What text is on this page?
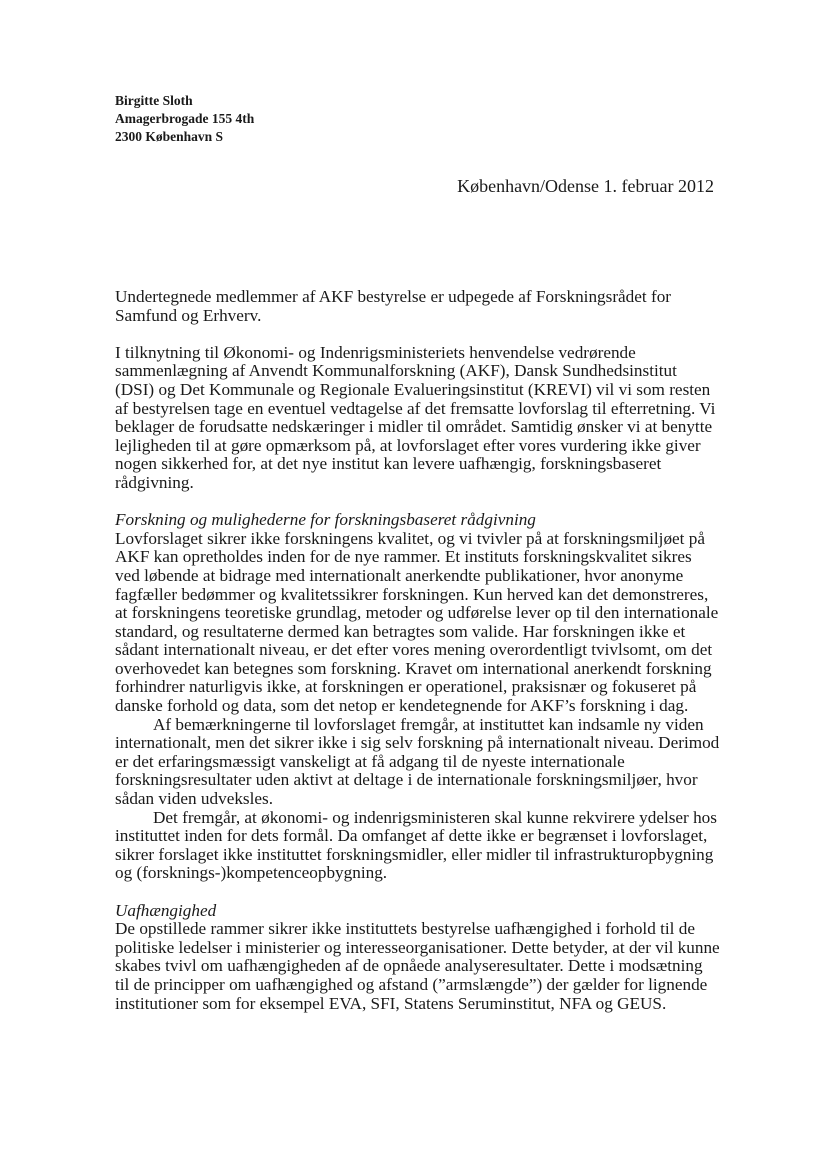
Birgitte Sloth
Amagerbrogade 155 4th
2300 København S
København/Odense 1. februar 2012

Undertegnede medlemmer af AKF bestyrelse er udpegede af Forskningsrådet for Samfund og Erhverv.

I tilknytning til Økonomi- og Indenrigsministeriets henvendelse vedrørende sammenlægning af Anvendt Kommunalforskning (AKF), Dansk Sundhedsinstitut (DSI) og Det Kommunale og Regionale Evalueringsinstitut (KREVI) vil vi som resten af bestyrelsen tage en eventuel vedtagelse af det fremsatte lovforslag til efterretning. Vi beklager de forudsatte nedskæringer i midler til området. Samtidig ønsker vi at benytte lejligheden til at gøre opmærksom på, at lovforslaget efter vores vurdering ikke giver nogen sikkerhed for, at det nye institut kan levere uafhængig, forskningsbaseret rådgivning.

Forskning og mulighederne for forskningsbaseret rådgivning

Lovforslaget sikrer ikke forskningens kvalitet, og vi tvivler på at forskningsmiljøet på AKF kan opretholdes inden for de nye rammer. Et instituts forskningskvalitet sikres ved løbende at bidrage med internationalt anerkendte publikationer, hvor anonyme fagfæller bedømmer og kvalitetssikrer forskningen. Kun herved kan det demonstreres, at forskningens teoretiske grundlag, metoder og udførelse lever op til den internationale standard, og resultaterne dermed kan betragtes som valide. Har forskningen ikke et sådant internationalt niveau, er det efter vores mening overordentligt tvivlsomt, om det overhovedet kan betegnes som forskning. Kravet om international anerkendt forskning forhindrer naturligvis ikke, at forskningen er operationel, praksisnær og fokuseret på danske forhold og data, som det netop er kendetegnende for AKF’s forskning i dag.

Af bemærkningerne til lovforslaget fremgår, at instituttet kan indsamle ny viden internationalt, men det sikrer ikke i sig selv forskning på internationalt niveau. Derimod er det erfaringsmæssigt vanskeligt at få adgang til de nyeste internationale forskningsresultater uden aktivt at deltage i de internationale forskningsmiljøer, hvor sådan viden udveksles.

Det fremgår, at økonomi- og indenrigsministeren skal kunne rekvirere ydelser hos instituttet inden for dets formål. Da omfanget af dette ikke er begrænset i lovforslaget, sikrer forslaget ikke instituttet forskningsmidler, eller midler til infrastrukturopbygning og (forsknings-)kompetenceopbygning.

Uafhængighed

De opstillede rammer sikrer ikke instituttets bestyrelse uafhængighed i forhold til de politiske ledelser i ministerier og interesseorganisationer. Dette betyder, at der vil kunne skabes tvivl om uafhængigheden af de opnåede analyseresultater. Dette i modsætning til de principper om uafhængighed og afstand (”armslængde”) der gælder for lignende institutioner som for eksempel EVA, SFI, Statens Seruminstitut, NFA og GEUS.
